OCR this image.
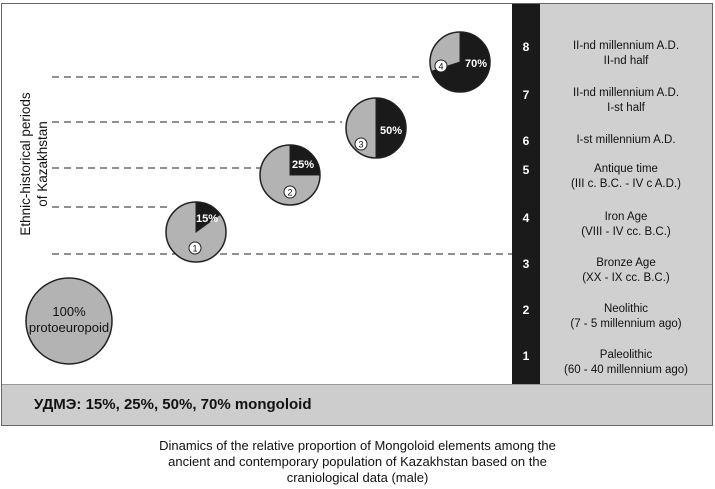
100%
protoeuropoid
15%
1
25%
2
50%
3
70%
4
Ethnic-historical periods of Kazakhstan
8
7
6
5
4
3
2
1
II-nd millennium A.D.
II-nd half
II-nd millennium A.D.
I-st half
I-st millennium A.D.
Antique time
(III c. B.C. - IV c A.D.)
Iron Age
(VIII - IV cc. B.C.)
Bronze Age
(XX - IX cc. B.C.)
Neolithic
(7 - 5 millennium ago)
Paleolithic
(60 - 40 millennium ago)
УДМЭ: 15%, 25%, 50%, 70% mongoloid
Dinamics of the relative proportion of Mongoloid elements among the
ancient and contemporary population of Kazakhstan based on the
craniological data (male)
